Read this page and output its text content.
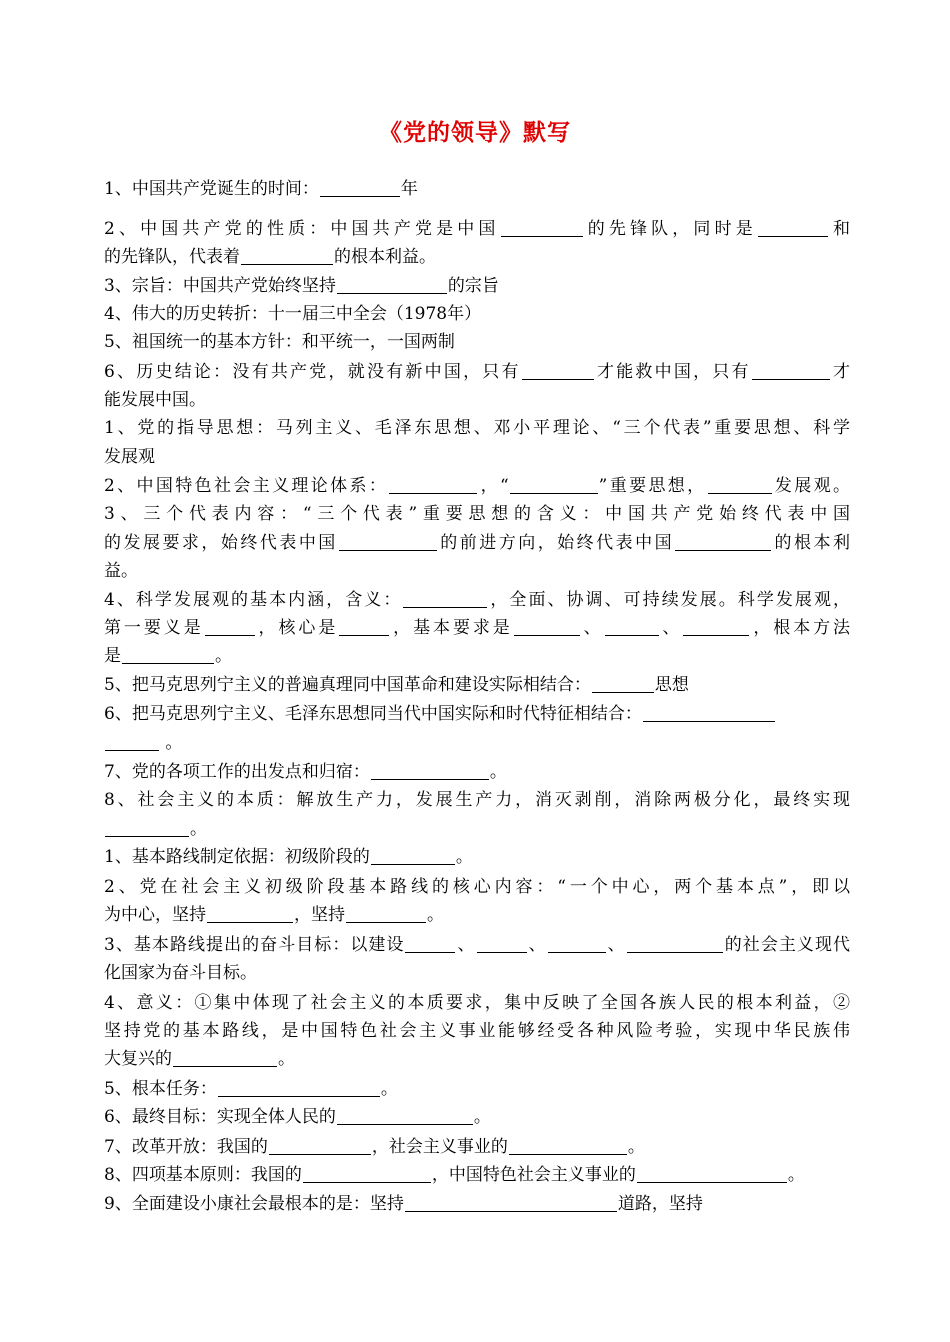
《党的领导》默写
1、中国共产党诞生的时间：	年
2、中国共产党的性质：中国共产党是中国	的先锋队，同时是	和
的先锋队，代表着	的根本利益。
3、宗旨：中国共产党始终坚持	的宗旨
4、伟大的历史转折：十一届三中全会（1978年）
5、祖国统一的基本方针：和平统一，一国两制
6、历史结论：没有共产党，就没有新中国，只有	才能救中国，只有	才
能发展中国。
1、党的指导思想：马列主义、毛泽东思想、邓小平理论、“三个代表”重要思想、科学
发展观
2、中国特色社会主义理论体系：	，“	”重要思想，	发展观。
3、三个代表内容：“三个代表”重要思想的含义：中国共产党始终代表中国
的发展要求，始终代表中国	的前进方向，始终代表中国	的根本利
益。
4、科学发展观的基本内涵，含义：	，全面、协调、可持续发展。科学发展观，
第一要义是	，核心是	，基本要求是	、	、	，根本方法
是	。
5、把马克思列宁主义的普遍真理同中国革命和建设实际相结合：	思想
6、把马克思列宁主义、毛泽东思想同当代中国实际和时代特征相结合：
。
7、党的各项工作的出发点和归宿：	。
8、社会主义的本质：解放生产力，发展生产力，消灭剥削，消除两极分化，最终实现
。
1、基本路线制定依据：初级阶段的	。
2、党在社会主义初级阶段基本路线的核心内容：“一个中心，两个基本点”，即以
为中心，坚持	，坚持	。
3、基本路线提出的奋斗目标：以建设	、	、	、	的社会主义现代
化国家为奋斗目标。
4、意义：①集中体现了社会主义的本质要求，集中反映了全国各族人民的根本利益，②
坚持党的基本路线，是中国特色社会主义事业能够经受各种风险考验，实现中华民族伟
大复兴的	。
5、根本任务：	。
6、最终目标：实现全体人民的	。
7、改革开放：我国的	，社会主义事业的	。
8、四项基本原则：我国的	，中国特色社会主义事业的	。
9、全面建设小康社会最根本的是：坚持	道路，坚持
